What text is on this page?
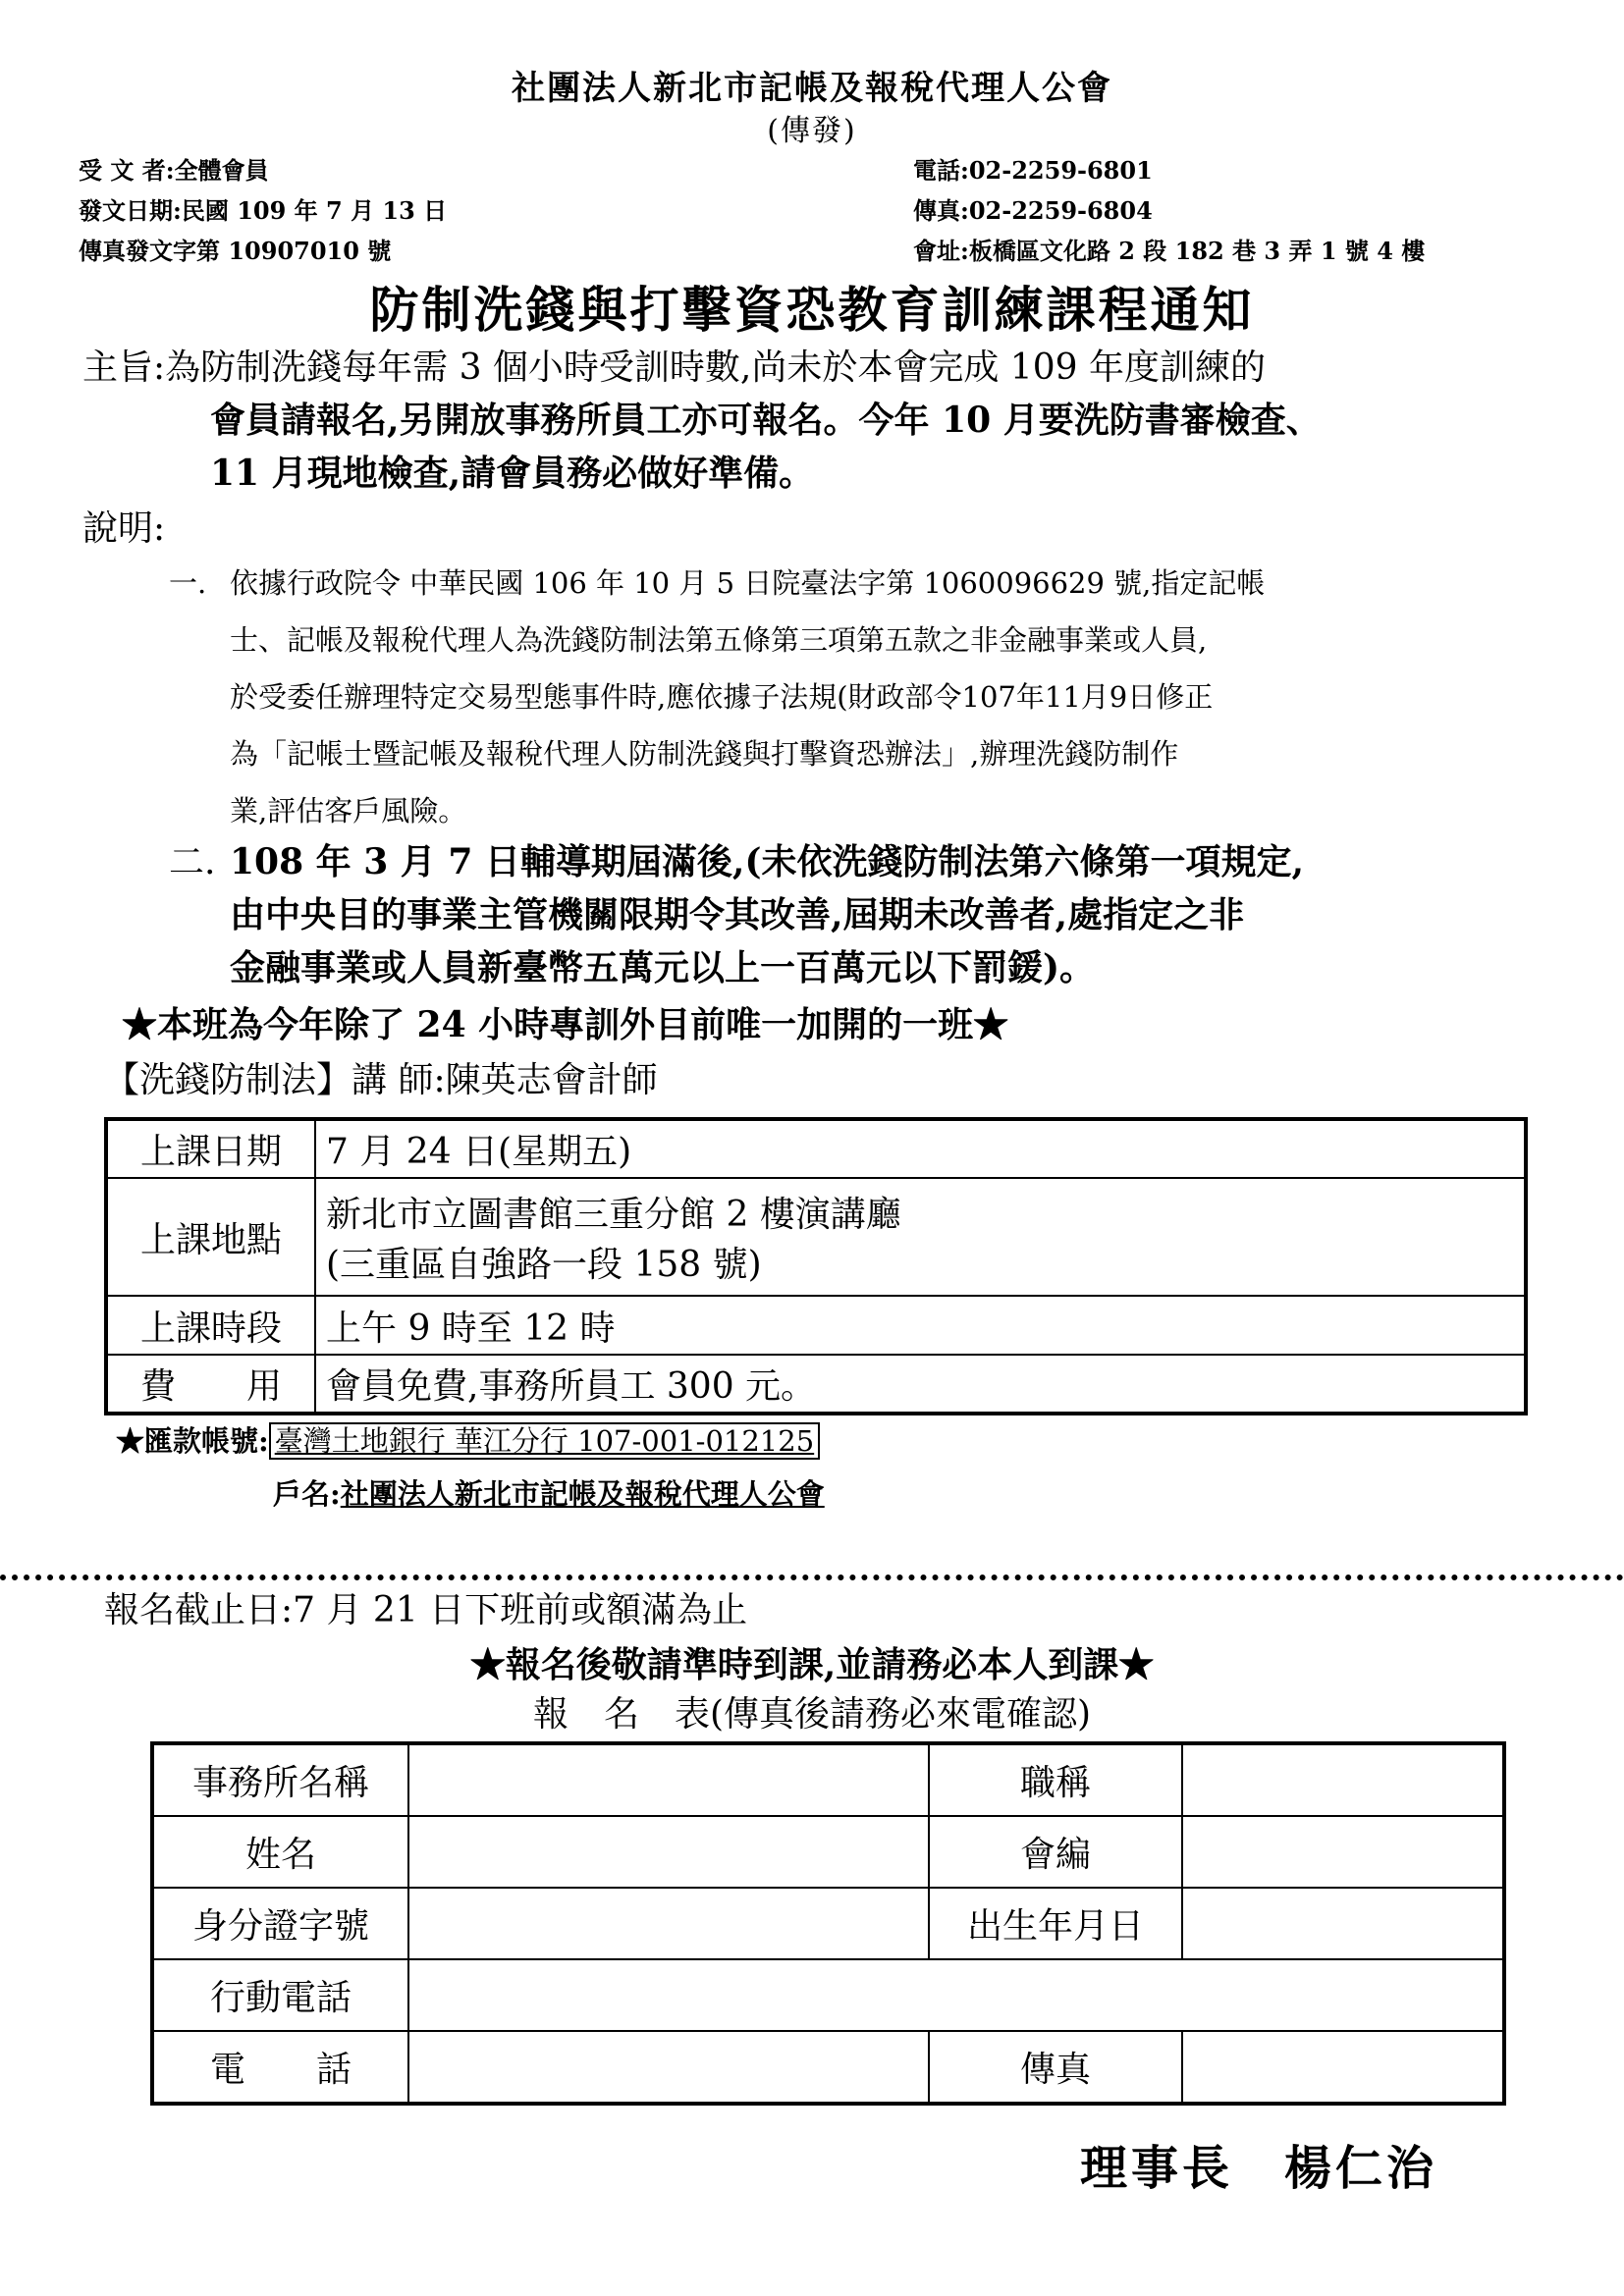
社團法人新北市記帳及報稅代理人公會
(傳發)
受 文 者:全體會員
發文日期:民國 109 年 7 月 13 日
傳真發文字第 10907010 號
電話:02-2259-6801
傳真:02-2259-6804
會址:板橋區文化路 2 段 182 巷 3 弄 1 號 4 樓
防制洗錢與打擊資恐教育訓練課程通知
主旨:為防制洗錢每年需 3 個小時受訓時數,尚未於本會完成 109 年度訓練的
會員請報名,另開放事務所員工亦可報名。今年 10 月要洗防書審檢查、
11 月現地檢查,請會員務必做好準備。
說明:
一. 依據行政院令 中華民國 106 年 10 月 5 日院臺法字第 1060096629 號,指定記帳
士、記帳及報稅代理人為洗錢防制法第五條第三項第五款之非金融事業或人員,
於受委任辦理特定交易型態事件時,應依據子法規(財政部令107年11月9日修正
為「記帳士暨記帳及報稅代理人防制洗錢與打擊資恐辦法」,辦理洗錢防制作
業,評估客戶風險。
二. 108 年 3 月 7 日輔導期屆滿後,(未依洗錢防制法第六條第一項規定,
由中央目的事業主管機關限期令其改善,屆期未改善者,處指定之非
金融事業或人員新臺幣五萬元以上一百萬元以下罰鍰)。
★本班為今年除了 24 小時專訓外目前唯一加開的一班★
【洗錢防制法】講 師:陳英志會計師
上課日期	7 月 24 日(星期五)
上課地點	新北市立圖書館三重分館 2 樓演講廳
(三重區自強路一段 158 號)

上課時段	上午 9 時至 12 時
費　　用	會員免費,事務所員工 300 元。
★匯款帳號: 臺灣土地銀行 華江分行 107-001-012125
戶名:社團法人新北市記帳及報稅代理人公會
報名截止日:7 月 21 日下班前或額滿為止
★報名後敬請準時到課,並請務必本人到課★
報　名　表(傳真後請務必來電確認)
事務所名稱		職稱	
姓名		會編	
身分證字號		出生年月日	
行動電話			
電　　話		傳真	
理事長　楊仁治
